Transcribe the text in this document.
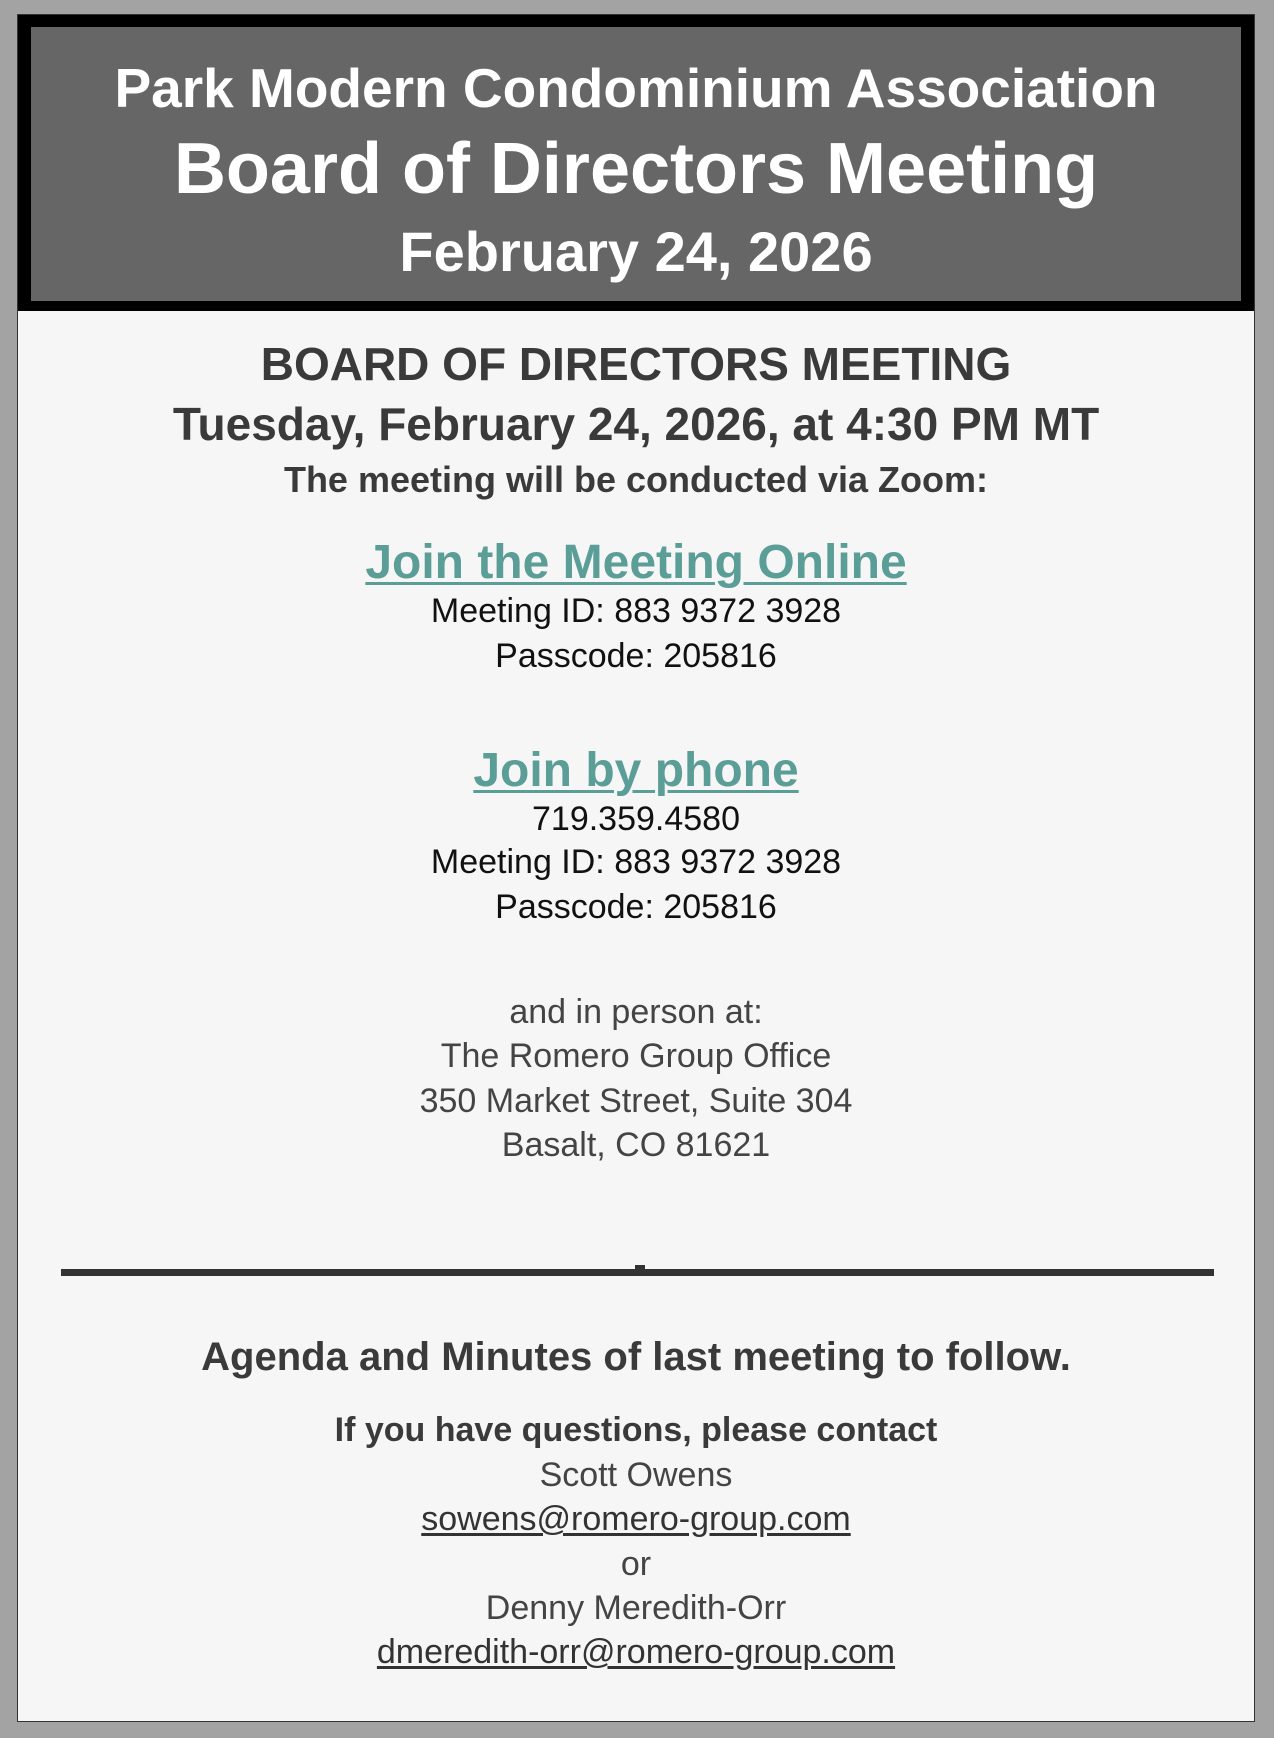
Park Modern Condominium Association
Board of Directors Meeting
February 24, 2026
BOARD OF DIRECTORS MEETING
Tuesday, February 24, 2026, at 4:30 PM MT
The meeting will be conducted via Zoom:
Join the Meeting Online
Meeting ID: 883 9372 3928
Passcode: 205816
Join by phone
719.359.4580
Meeting ID: 883 9372 3928
Passcode: 205816
and in person at:
The Romero Group Office
350 Market Street, Suite 304
Basalt, CO 81621
Agenda and Minutes of last meeting to follow.
If you have questions, please contact
Scott Owens
sowens@romero-group.com
or
Denny Meredith-Orr
dmeredith-orr@romero-group.com
